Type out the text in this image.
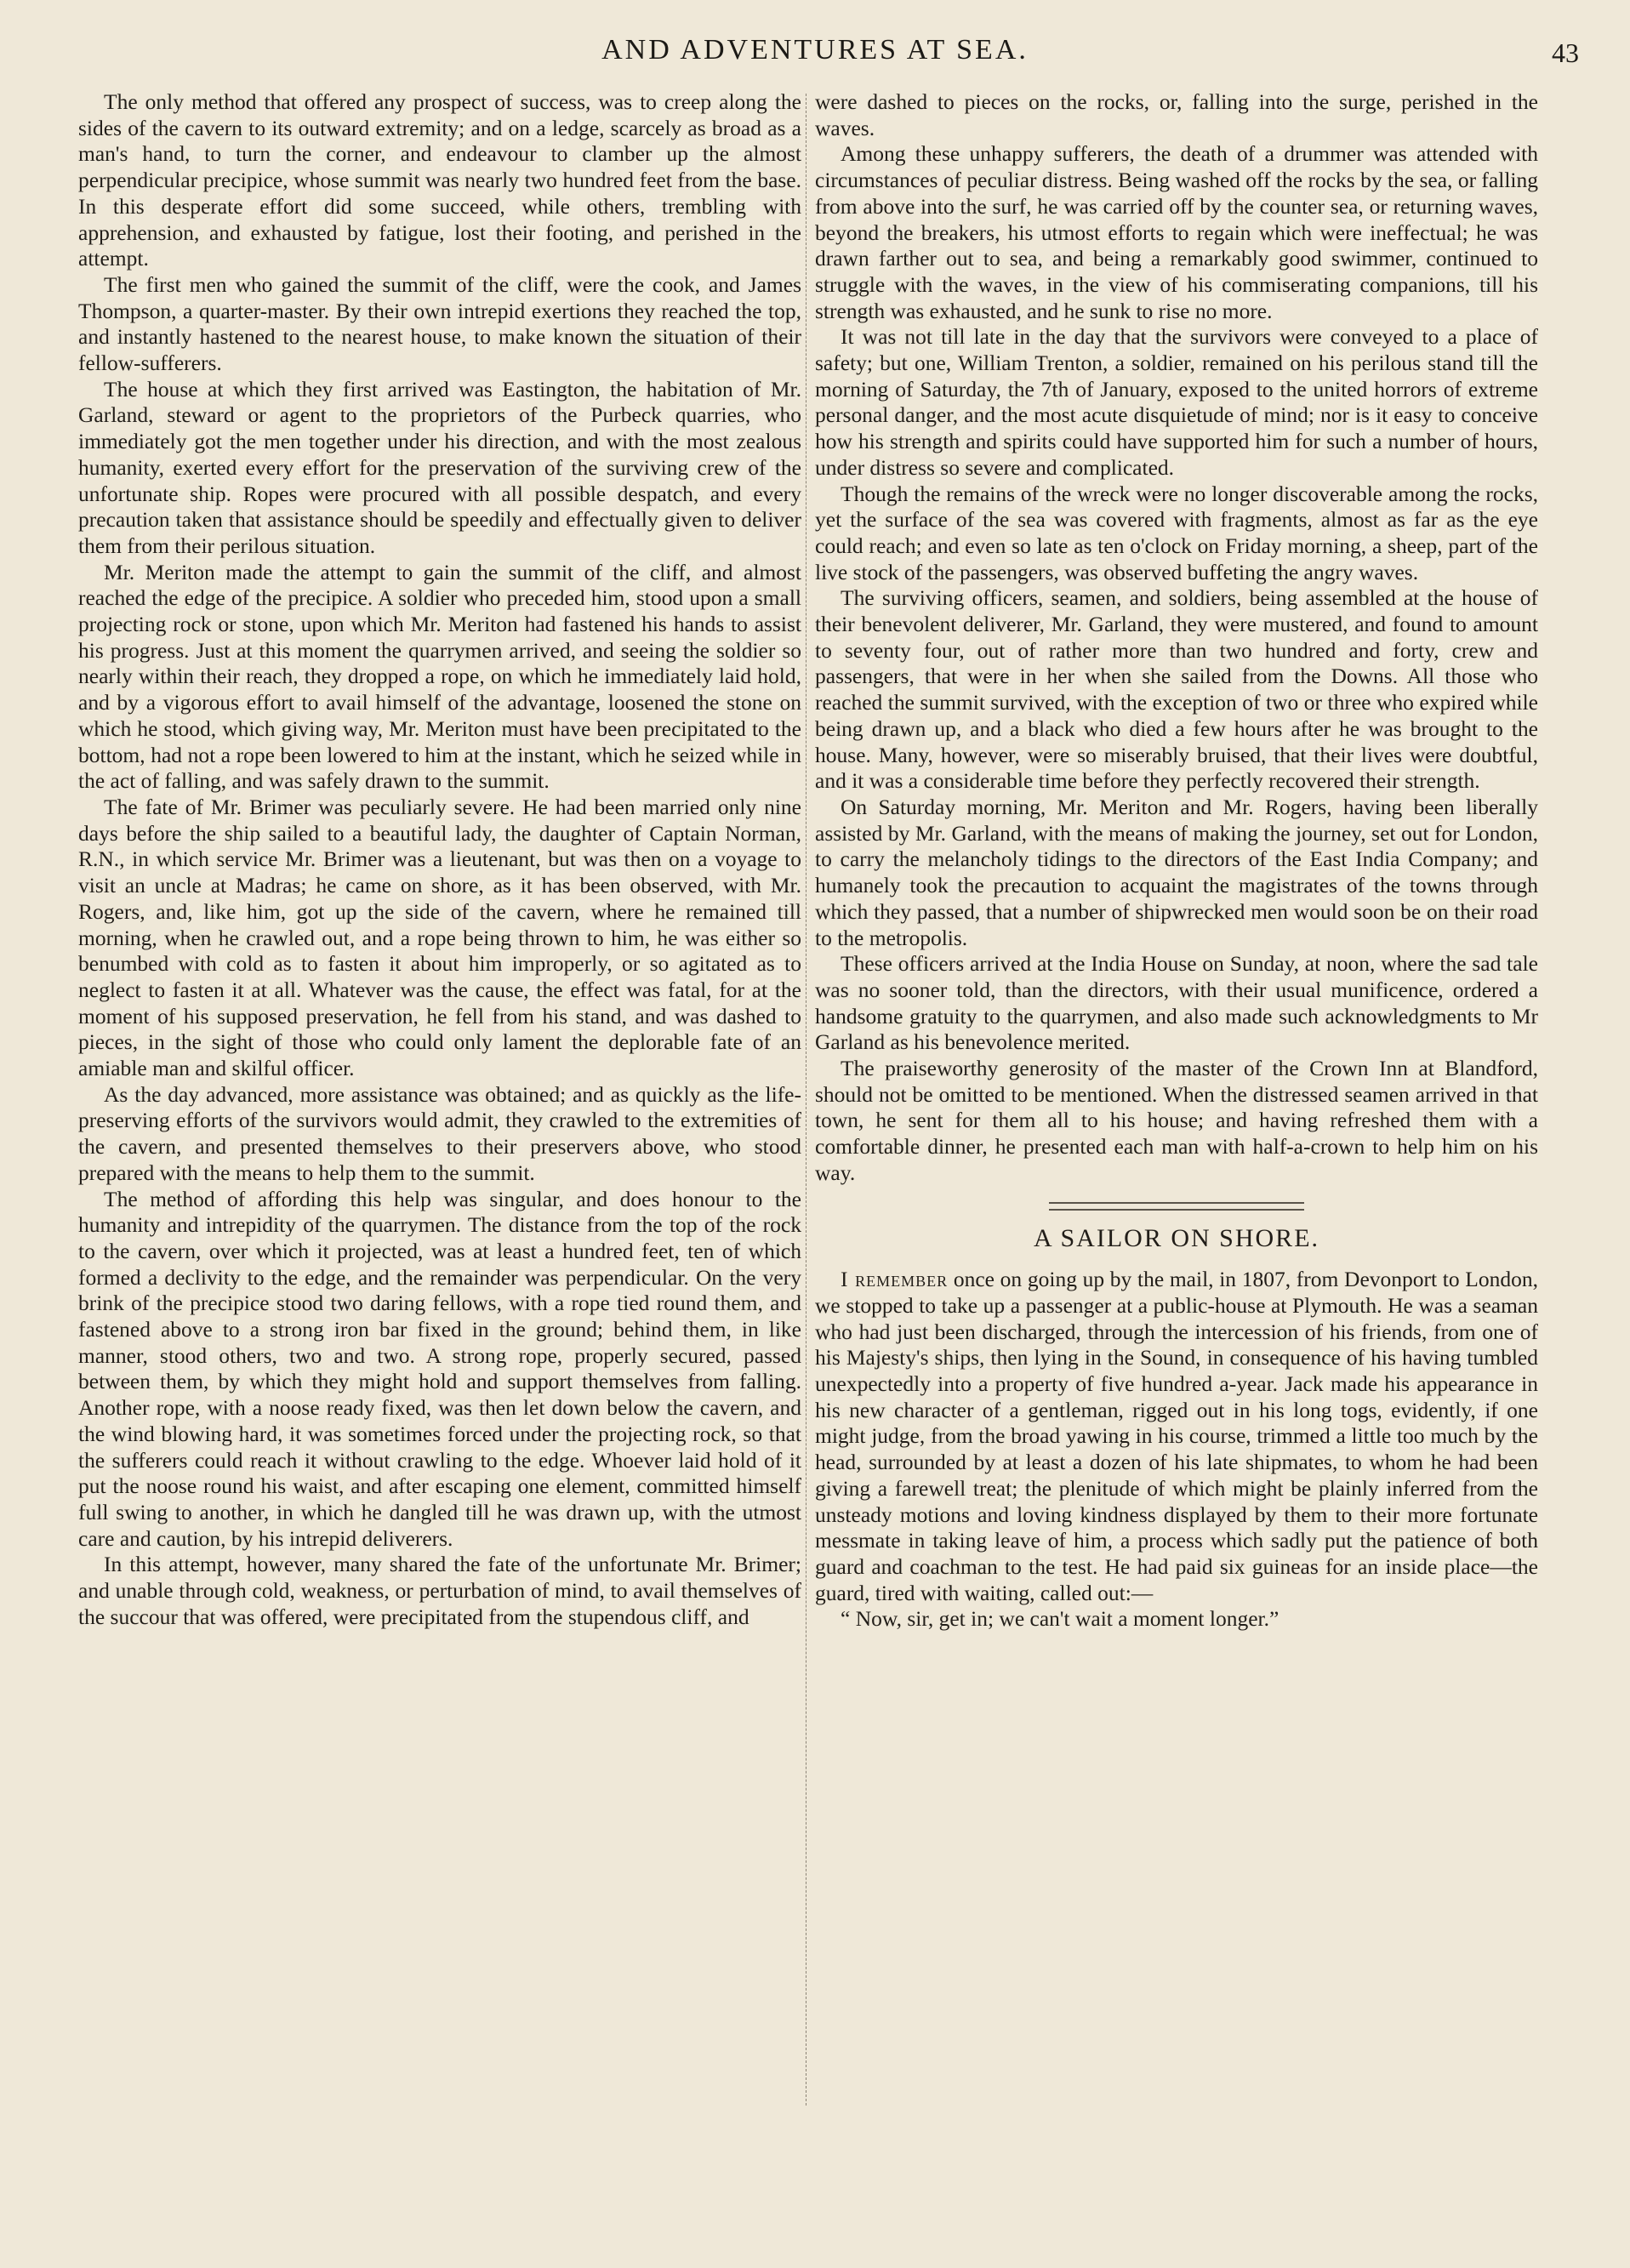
AND ADVENTURES AT SEA.	43

The only method that offered any prospect of success, was to creep along the sides of the cavern to its outward extremity; and on a ledge, scarcely as broad as a man's hand, to turn the corner, and endeavour to clamber up the almost perpendicular precipice, whose summit was nearly two hundred feet from the base. In this desperate effort did some succeed, while others, trembling with apprehension, and exhausted by fatigue, lost their footing, and perished in the attempt.

The first men who gained the summit of the cliff, were the cook, and James Thompson, a quarter-master. By their own intrepid exertions they reached the top, and instantly hastened to the nearest house, to make known the situation of their fellow-sufferers.

The house at which they first arrived was Eastington, the habitation of Mr. Garland, steward or agent to the proprietors of the Purbeck quarries, who immediately got the men together under his direction, and with the most zealous humanity, exerted every effort for the preservation of the surviving crew of the unfortunate ship. Ropes were procured with all possible despatch, and every precaution taken that assistance should be speedily and effectually given to deliver them from their perilous situation.

Mr. Meriton made the attempt to gain the summit of the cliff, and almost reached the edge of the precipice. A soldier who preceded him, stood upon a small projecting rock or stone, upon which Mr. Meriton had fastened his hands to assist his progress. Just at this moment the quarrymen arrived, and seeing the soldier so nearly within their reach, they dropped a rope, on which he immediately laid hold, and by a vigorous effort to avail himself of the advantage, loosened the stone on which he stood, which giving way, Mr. Meriton must have been precipitated to the bottom, had not a rope been lowered to him at the instant, which he seized while in the act of falling, and was safely drawn to the summit.

The fate of Mr. Brimer was peculiarly severe. He had been married only nine days before the ship sailed to a beautiful lady, the daughter of Captain Norman, R.N., in which service Mr. Brimer was a lieutenant, but was then on a voyage to visit an uncle at Madras; he came on shore, as it has been observed, with Mr. Rogers, and, like him, got up the side of the cavern, where he remained till morning, when he crawled out, and a rope being thrown to him, he was either so benumbed with cold as to fasten it about him improperly, or so agitated as to neglect to fasten it at all. Whatever was the cause, the effect was fatal, for at the moment of his supposed preservation, he fell from his stand, and was dashed to pieces, in the sight of those who could only lament the deplorable fate of an amiable man and skilful officer.

As the day advanced, more assistance was obtained; and as quickly as the life-preserving efforts of the survivors would admit, they crawled to the extremities of the cavern, and presented themselves to their preservers above, who stood prepared with the means to help them to the summit.

The method of affording this help was singular, and does honour to the humanity and intrepidity of the quarrymen. The distance from the top of the rock to the cavern, over which it projected, was at least a hundred feet, ten of which formed a declivity to the edge, and the remainder was perpendicular. On the very brink of the precipice stood two daring fellows, with a rope tied round them, and fastened above to a strong iron bar fixed in the ground; behind them, in like manner, stood others, two and two. A strong rope, properly secured, passed between them, by which they might hold and support themselves from falling. Another rope, with a noose ready fixed, was then let down below the cavern, and the wind blowing hard, it was sometimes forced under the projecting rock, so that the sufferers could reach it without crawling to the edge. Whoever laid hold of it put the noose round his waist, and after escaping one element, committed himself full swing to another, in which he dangled till he was drawn up, with the utmost care and caution, by his intrepid deliverers.

In this attempt, however, many shared the fate of the unfortunate Mr. Brimer; and unable through cold, weakness, or perturbation of mind, to avail themselves of the succour that was offered, were precipitated from the stupendous cliff, and

were dashed to pieces on the rocks, or, falling into the surge, perished in the waves.

Among these unhappy sufferers, the death of a drummer was attended with circumstances of peculiar distress. Being washed off the rocks by the sea, or falling from above into the surf, he was carried off by the counter sea, or returning waves, beyond the breakers, his utmost efforts to regain which were ineffectual; he was drawn farther out to sea, and being a remarkably good swimmer, continued to struggle with the waves, in the view of his commiserating companions, till his strength was exhausted, and he sunk to rise no more.

It was not till late in the day that the survivors were conveyed to a place of safety; but one, William Trenton, a soldier, remained on his perilous stand till the morning of Saturday, the 7th of January, exposed to the united horrors of extreme personal danger, and the most acute disquietude of mind; nor is it easy to conceive how his strength and spirits could have supported him for such a number of hours, under distress so severe and complicated.

Though the remains of the wreck were no longer discoverable among the rocks, yet the surface of the sea was covered with fragments, almost as far as the eye could reach; and even so late as ten o'clock on Friday morning, a sheep, part of the live stock of the passengers, was observed buffeting the angry waves.

The surviving officers, seamen, and soldiers, being assembled at the house of their benevolent deliverer, Mr. Garland, they were mustered, and found to amount to seventy four, out of rather more than two hundred and forty, crew and passengers, that were in her when she sailed from the Downs. All those who reached the summit survived, with the exception of two or three who expired while being drawn up, and a black who died a few hours after he was brought to the house. Many, however, were so miserably bruised, that their lives were doubtful, and it was a considerable time before they perfectly recovered their strength.

On Saturday morning, Mr. Meriton and Mr. Rogers, having been liberally assisted by Mr. Garland, with the means of making the journey, set out for London, to carry the melancholy tidings to the directors of the East India Company; and humanely took the precaution to acquaint the magistrates of the towns through which they passed, that a number of shipwrecked men would soon be on their road to the metropolis.

These officers arrived at the India House on Sunday, at noon, where the sad tale was no sooner told, than the directors, with their usual munificence, ordered a handsome gratuity to the quarrymen, and also made such acknowledgments to Mr Garland as his benevolence merited.

The praiseworthy generosity of the master of the Crown Inn at Blandford, should not be omitted to be mentioned. When the distressed seamen arrived in that town, he sent for them all to his house; and having refreshed them with a comfortable dinner, he presented each man with half-a-crown to help him on his way.

A SAILOR ON SHORE.

I remember once on going up by the mail, in 1807, from Devonport to London, we stopped to take up a passenger at a public-house at Plymouth. He was a seaman who had just been discharged, through the intercession of his friends, from one of his Majesty's ships, then lying in the Sound, in consequence of his having tumbled unexpectedly into a property of five hundred a-year. Jack made his appearance in his new character of a gentleman, rigged out in his long togs, evidently, if one might judge, from the broad yawing in his course, trimmed a little too much by the head, surrounded by at least a dozen of his late shipmates, to whom he had been giving a farewell treat; the plenitude of which might be plainly inferred from the unsteady motions and loving kindness displayed by them to their more fortunate messmate in taking leave of him, a process which sadly put the patience of both guard and coachman to the test. He had paid six guineas for an inside place—the guard, tired with waiting, called out:—

“ Now, sir, get in; we can't wait a moment longer.”
